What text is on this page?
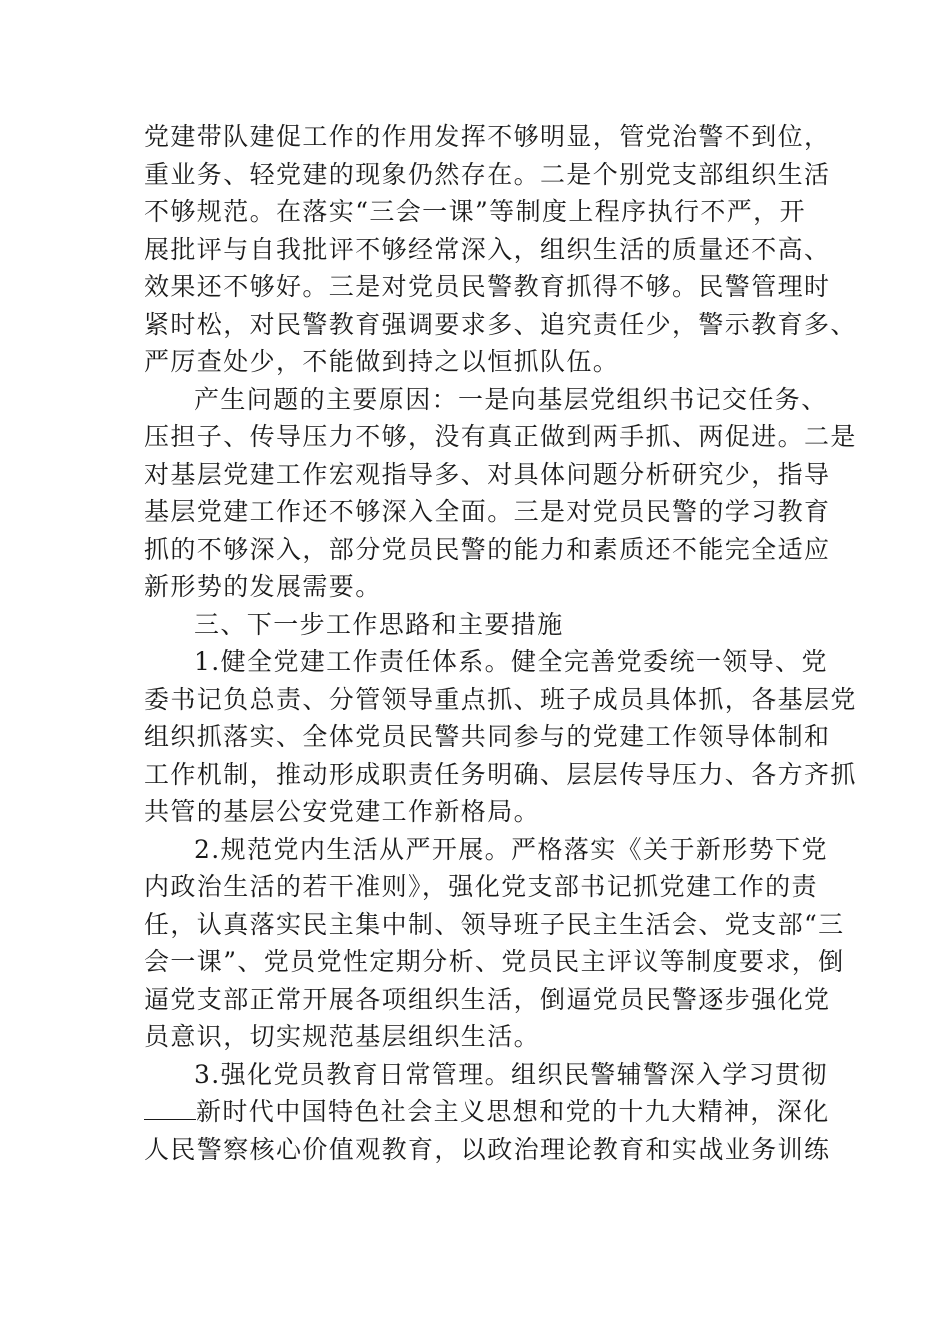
党建带队建促工作的作用发挥不够明显，管党治警不到位，
重业务、轻党建的现象仍然存在。二是个别党支部组织生活
不够规范。在落实“三会一课”等制度上程序执行不严，开
展批评与自我批评不够经常深入，组织生活的质量还不高、
效果还不够好。三是对党员民警教育抓得不够。民警管理时
紧时松，对民警教育强调要求多、追究责任少，警示教育多、
严厉查处少，不能做到持之以恒抓队伍。
产生问题的主要原因：一是向基层党组织书记交任务、
压担子、传导压力不够，没有真正做到两手抓、两促进。二是
对基层党建工作宏观指导多、对具体问题分析研究少，指导
基层党建工作还不够深入全面。三是对党员民警的学习教育
抓的不够深入，部分党员民警的能力和素质还不能完全适应
新形势的发展需要。
三、下一步工作思路和主要措施
1.健全党建工作责任体系。健全完善党委统一领导、党
委书记负总责、分管领导重点抓、班子成员具体抓，各基层党
组织抓落实、全体党员民警共同参与的党建工作领导体制和
工作机制，推动形成职责任务明确、层层传导压力、各方齐抓
共管的基层公安党建工作新格局。
2.规范党内生活从严开展。严格落实《关于新形势下党
内政治生活的若干准则》，强化党支部书记抓党建工作的责
任，认真落实民主集中制、领导班子民主生活会、党支部“三
会一课”、党员党性定期分析、党员民主评议等制度要求，倒
逼党支部正常开展各项组织生活，倒逼党员民警逐步强化党
员意识，切实规范基层组织生活。
3.强化党员教育日常管理。组织民警辅警深入学习贯彻
新时代中国特色社会主义思想和党的十九大精神，深化
人民警察核心价值观教育，以政治理论教育和实战业务训练
